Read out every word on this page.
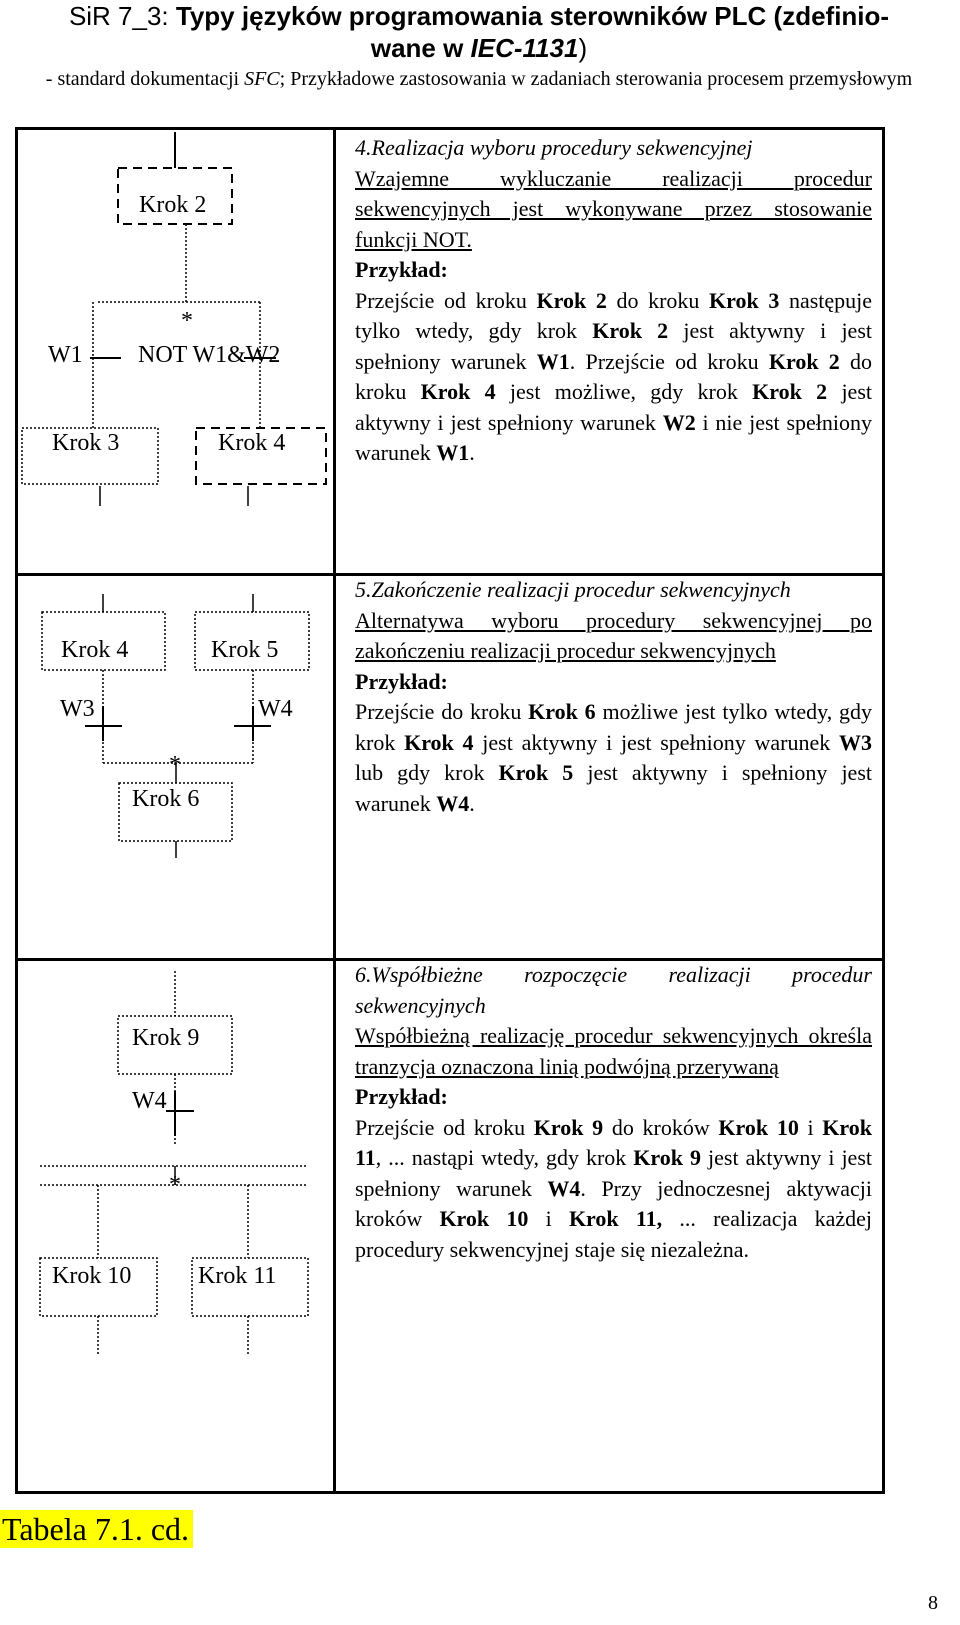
SiR 7_3: Typy języków programowania sterowników PLC (zdefinio-
wane w IEC-1131)
- standard dokumentacji SFC; Przykładowe zastosowania w zadaniach sterowania procesem przemysłowym
Krok 2
*
W1 NOT W1&W2
Krok 3	Krok 4

4.Realizacja wyboru procedury sekwencyjnej

Wzajemne wykluczanie realizacji procedur sekwencyjnych jest wykonywane przez stosowanie funkcji NOT.

Przykład:

Przejście od kroku Krok 2 do kroku Krok 3 następuje tylko wtedy, gdy krok Krok 2 jest aktywny i jest spełniony warunek W1. Przejście od kroku Krok 2 do kroku Krok 4 jest możliwe, gdy krok Krok 2 jest aktywny i jest spełniony warunek W2 i nie jest spełniony warunek W1.

Krok 4	Krok 5
W3	W4
*
Krok 6

5.Zakończenie realizacji procedur sekwencyjnych

Alternatywa wyboru procedury sekwencyjnej po zakończeniu realizacji procedur sekwencyjnych

Przykład:

Przejście do kroku Krok 6 możliwe jest tylko wtedy, gdy krok Krok 4 jest aktywny i jest spełniony warunek W3 lub gdy krok Krok 5 jest aktywny i spełniony jest warunek W4.

Krok 9
W4
*
Krok 10	Krok 11

6.Współbieżne rozpoczęcie realizacji procedur sekwencyjnych

Współbieżną realizację procedur sekwencyjnych określa tranzycja oznaczona linią podwójną przerywaną

Przykład:

Przejście od kroku Krok 9 do kroków Krok 10 i Krok 11, ... nastąpi wtedy, gdy krok Krok 9 jest aktywny i jest spełniony warunek W4. Przy jednoczesnej aktywacji kroków Krok 10 i Krok 11, ... realizacja każdej procedury sekwencyjnej staje się niezależna.

Tabela 7.1. cd.
8
